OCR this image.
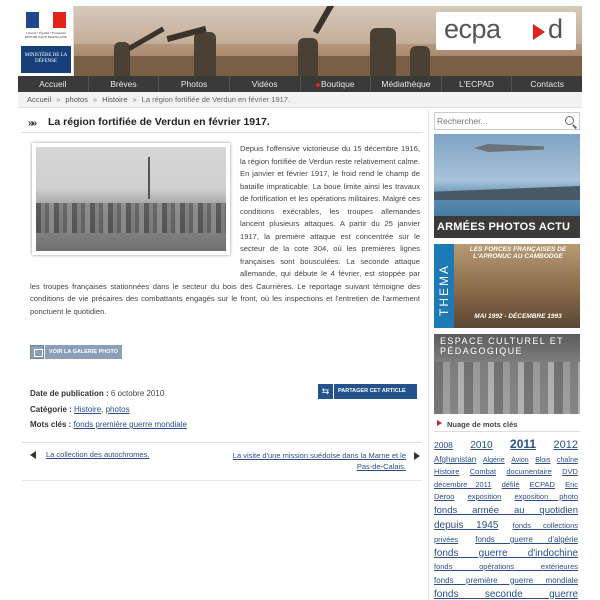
Liberté • Égalité • Fraternité RÉPUBLIQUE FRANÇAISE
MINISTÈRE DE LA DÉFENSE
ecpa d
Accueil	Brèves	Photos	Vidéos	Boutique	Médiathèque	L'ECPAD	Contacts
Accueil » photos » Histoire » La région fortifiée de Verdun en février 1917.
»» La région fortifiée de Verdun en février 1917.
Depuis l'offensive victorieuse du 15 décembre 1916, la région fortifiée de Verdun reste relativement calme. En janvier et février 1917, le froid rend le champ de bataille impraticable. La boue limite ainsi les travaux de fortification et les opérations militaires. Malgré ces conditions exécrables, les troupes allemandes lancent plusieurs attaques. A partir du 25 janvier 1917, la première attaque est concentrée sur le secteur de la cote 304, où les premières lignes françaises sont bousculées. La seconde attaque allemande, qui débute le 4 février, est stoppée par les troupes françaises stationnées dans le secteur du bois des Caurrières. Le reportage suivant témoigne des conditions de vie précaires des combattants engagés sur le front, où les inspections et l'entretien de l'armement ponctuent le quotidien.
VOIR LA GALERIE PHOTO
Date de publication : 6 octobre 2010
Catégorie : Histoire, photos
Mots clés : fonds première guerre mondiale
⇆	PARTAGER CET ARTICLE
La collection des autochromes.	La visite d'une mission suédoise dans la Marne et le Pas-de-Calais.
Rechercher...
ARMÉES PHOTOS ACTU
THEMA
LES FORCES FRANÇAISES DE L'APRONUC AU CAMBODGE
MAI 1992 - DÉCEMBRE 1993
ESPACE CULTUREL ET PÉDAGOGIQUE
Nuage de mots clés
2008 2010 2011 2012
Afghanistan Algérie Avion Blois chaîne
Histoire Combat documentaire DVD
décembre 2011 défilé ECPAD Eric
Deroo exposition exposition photo
fonds armée au quotidien
depuis 1945 fonds collections
privées fonds guerre d'algérie
fonds guerre d'indochine
fonds opérations extérieures
fonds première guerre mondiale
fonds seconde guerre
